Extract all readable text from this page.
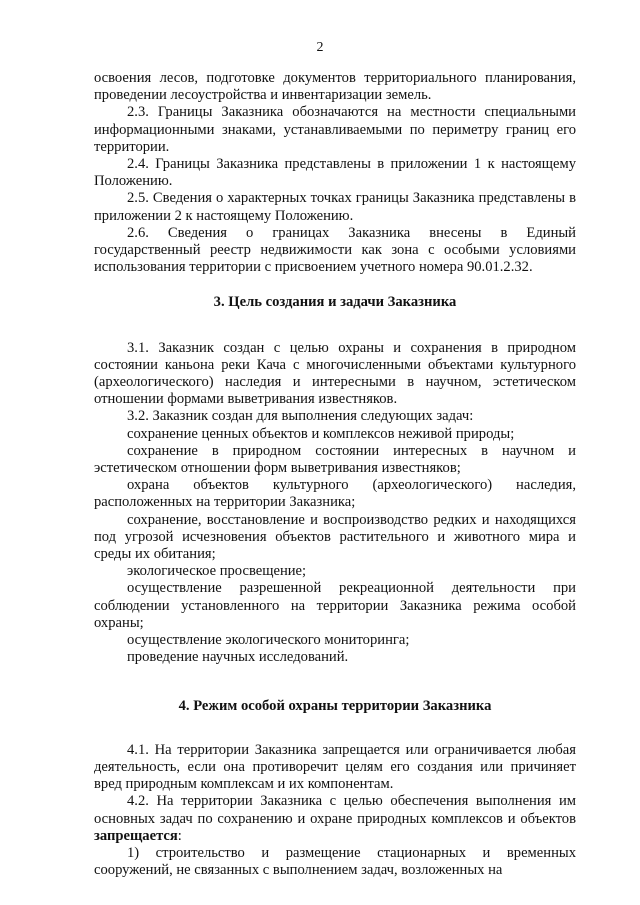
2

освоения лесов, подготовке документов территориального планирования, проведении лесоустройства и инвентаризации земель.

2.3. Границы Заказника обозначаются на местности специальными информационными знаками, устанавливаемыми по периметру границ его территории.

2.4. Границы Заказника представлены в приложении 1 к настоящему Положению.

2.5. Сведения о характерных точках границы Заказника представлены в приложении 2 к настоящему Положению.

2.6. Сведения о границах Заказника внесены в Единый государственный реестр недвижимости как зона с особыми условиями использования территории с присвоением учетного номера 90.01.2.32.

3. Цель создания и задачи Заказника

3.1. Заказник создан с целью охраны и сохранения в природном состоянии каньона реки Кача с многочисленными объектами культурного (археологического) наследия и интересными в научном, эстетическом отношении формами выветривания известняков.

3.2. Заказник создан для выполнения следующих задач:

сохранение ценных объектов и комплексов неживой природы;

сохранение в природном состоянии интересных в научном и эстетическом отношении форм выветривания известняков;

охрана объектов культурного (археологического) наследия, расположенных на территории Заказника;

сохранение, восстановление и воспроизводство редких и находящихся под угрозой исчезновения объектов растительного и животного мира и среды их обитания;

экологическое просвещение;

осуществление разрешенной рекреационной деятельности при соблюдении установленного на территории Заказника режима особой охраны;

осуществление экологического мониторинга;

проведение научных исследований.

4. Режим особой охраны территории Заказника

4.1. На территории Заказника запрещается или ограничивается любая деятельность, если она противоречит целям его создания или причиняет вред природным комплексам и их компонентам.

4.2. На территории Заказника с целью обеспечения выполнения им основных задач по сохранению и охране природных комплексов и объектов запрещается:

1) строительство и размещение стационарных и временных сооружений, не связанных с выполнением задач, возложенных на
